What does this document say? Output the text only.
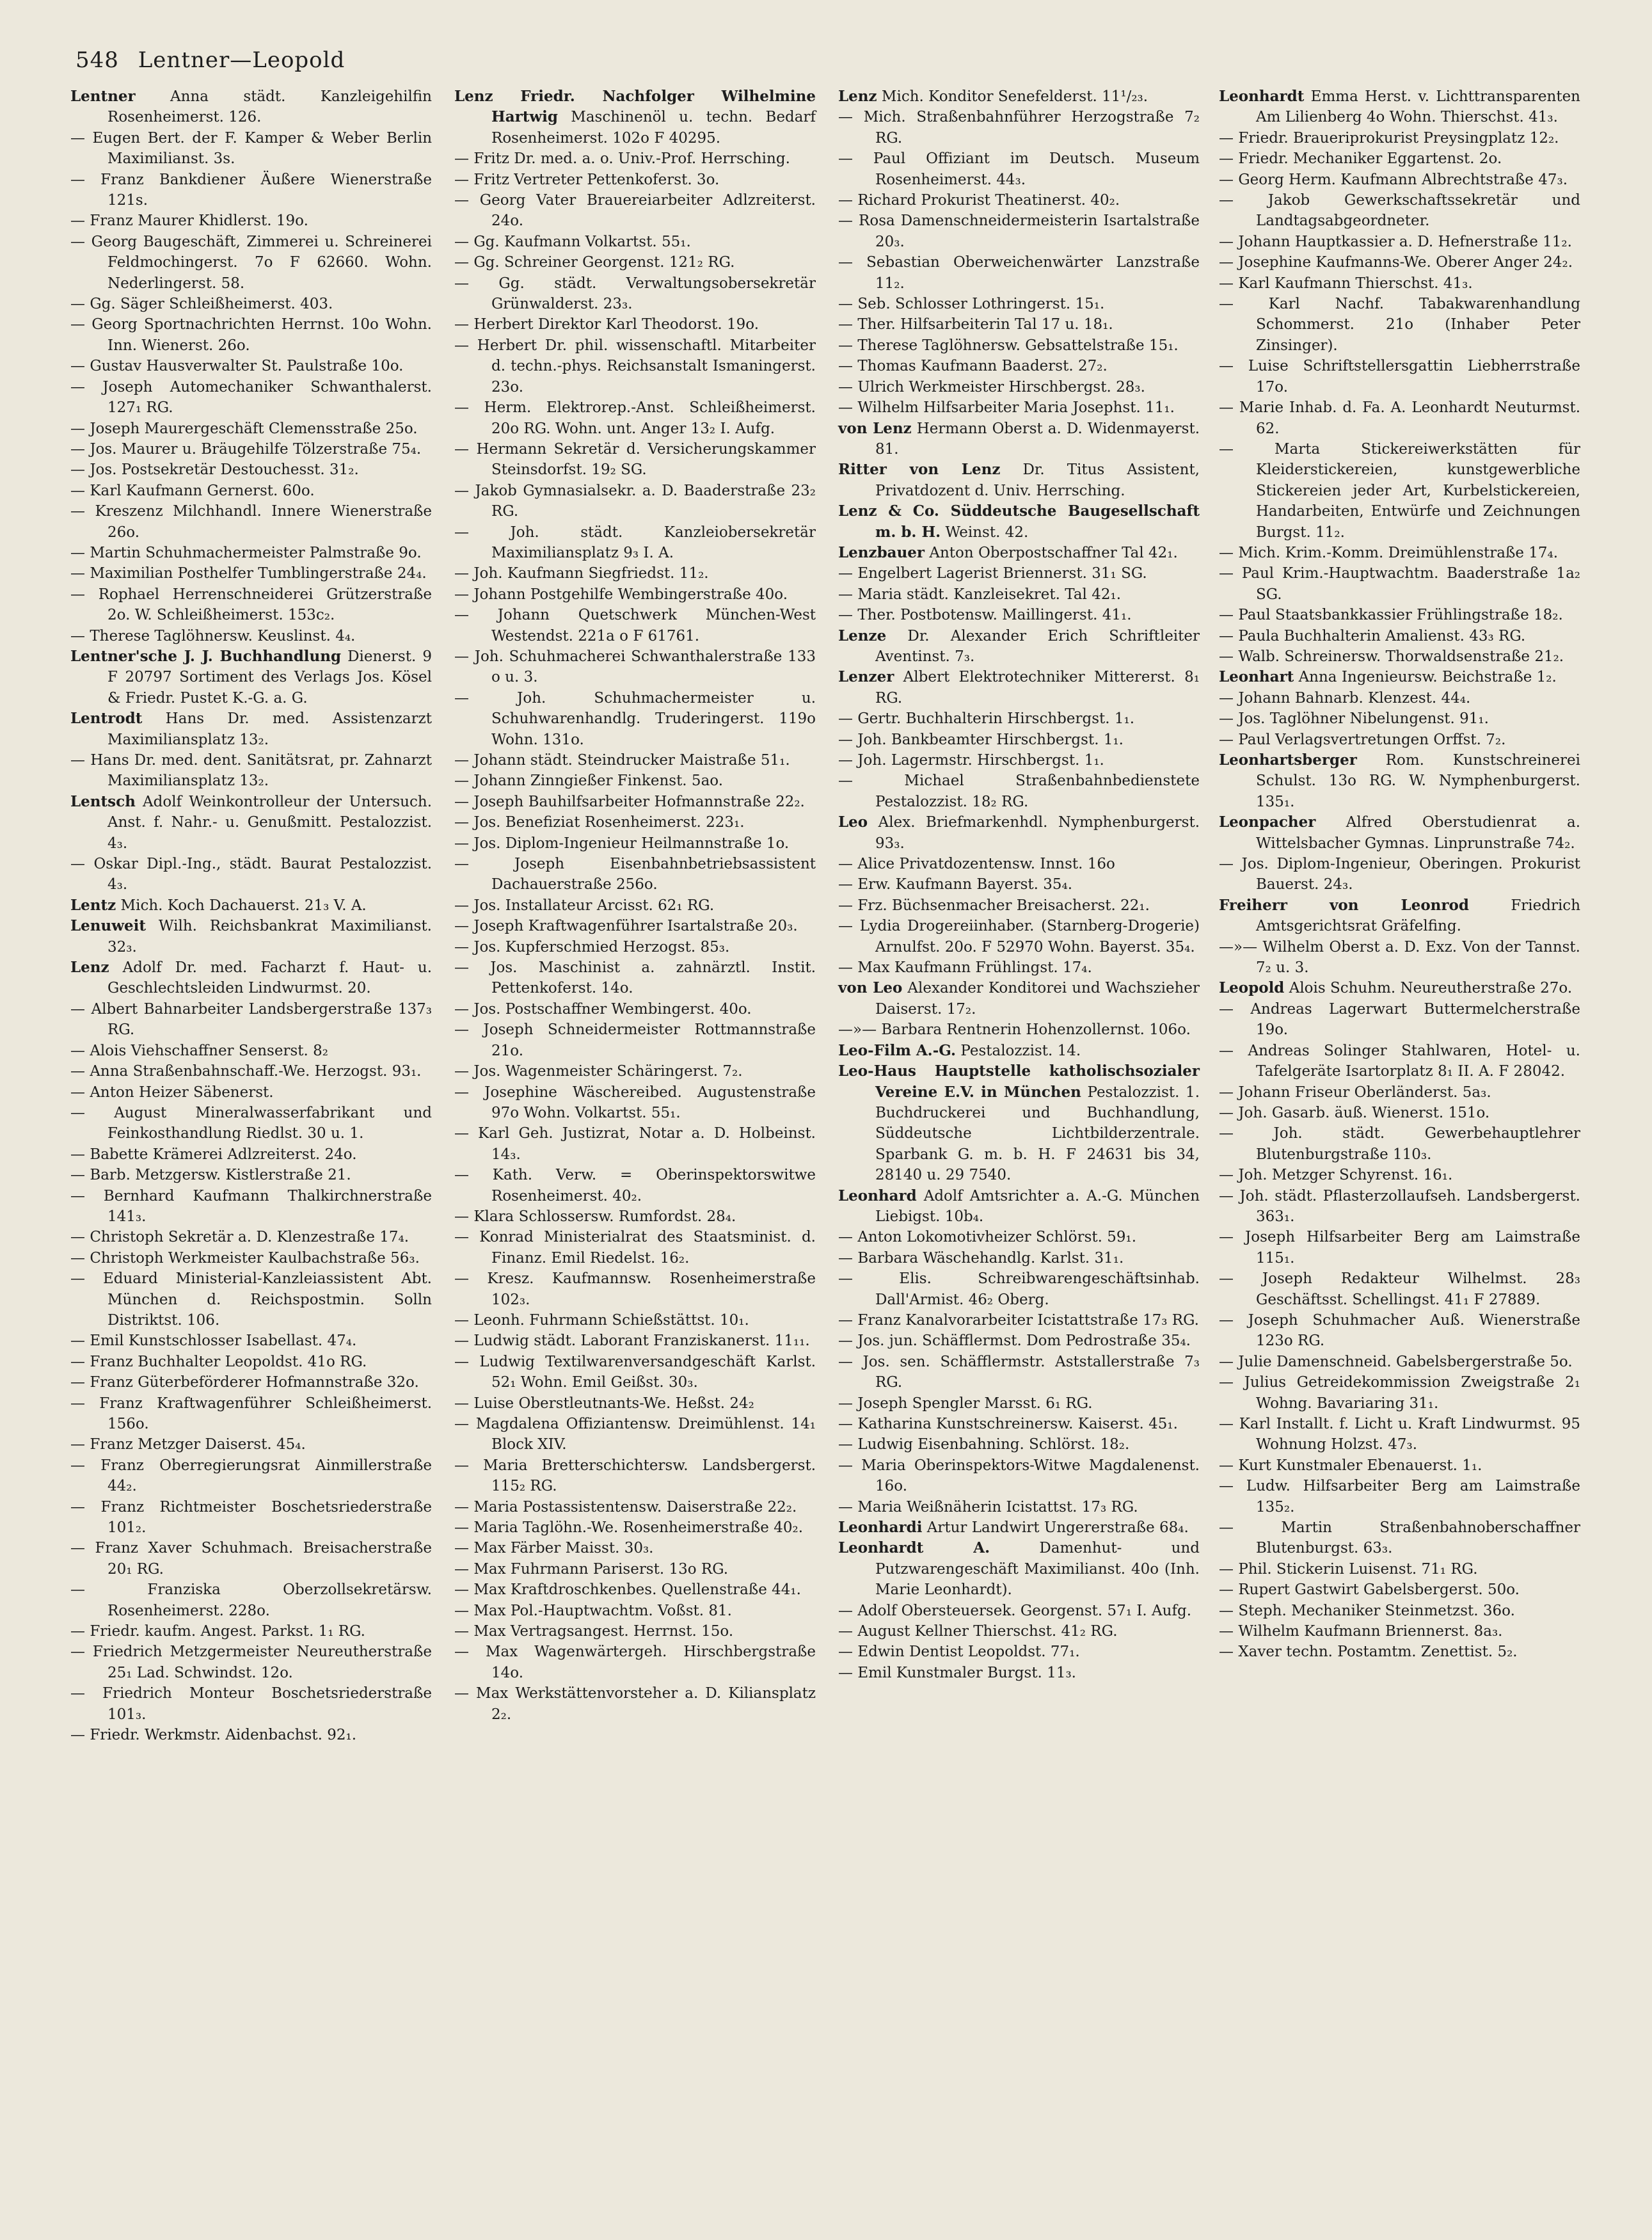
548 Lentner—Leopold

Lentner Anna städt. Kanzleigehilfin Rosenheimerst. 126.

— Eugen Bert. der F. Kamper & Weber Berlin Maximilianst. 3s.

— Franz Bankdiener Äußere Wienerstraße 121s.

— Franz Maurer Khidlerst. 19o.

— Georg Baugeschäft, Zimmerei u. Schreinerei Feldmochingerst. 7o F 62660. Wohn. Nederlingerst. 58.

— Gg. Säger Schleißheimerst. 403.

— Georg Sportnachrichten Herrnst. 10o Wohn. Inn. Wienerst. 26o.

— Gustav Hausverwalter St. Paulstraße 10o.

— Joseph Automechaniker Schwanthalerst. 127₁ RG.

— Joseph Maurergeschäft Clemensstraße 25o.

— Jos. Maurer u. Bräugehilfe Tölzerstraße 75₄.

— Jos. Postsekretär Destouchesst. 31₂.

— Karl Kaufmann Gernerst. 60o.

— Kreszenz Milchhandl. Innere Wienerstraße 26o.

— Martin Schuhmachermeister Palmstraße 9o.

— Maximilian Posthelfer Tumblingerstraße 24₄.

— Rophael Herrenschneiderei Grützerstraße 2o. W. Schleißheimerst. 153c₂.

— Therese Taglöhnersw. Keuslinst. 4₄.

Lentner'sche J. J. Buchhandlung Dienerst. 9 F 20797 Sortiment des Verlags Jos. Kösel & Friedr. Pustet K.-G. a. G.

Lentrodt Hans Dr. med. Assistenzarzt Maximiliansplatz 13₂.

— Hans Dr. med. dent. Sanitätsrat, pr. Zahnarzt Maximiliansplatz 13₂.

Lentsch Adolf Weinkontrolleur der Untersuch. Anst. f. Nahr.- u. Genußmitt. Pestalozzist. 4₃.

— Oskar Dipl.-Ing., städt. Baurat Pestalozzist. 4₃.

Lentz Mich. Koch Dachauerst. 21₃ V. A.

Lenuweit Wilh. Reichsbankrat Maximilianst. 32₃.

Lenz Adolf Dr. med. Facharzt f. Haut- u. Geschlechtsleiden Lindwurmst. 20.

— Albert Bahnarbeiter Landsbergerstraße 137₃ RG.

— Alois Viehschaffner Senserst. 8₂

— Anna Straßenbahnschaff.-We. Herzogst. 93₁.

— Anton Heizer Säbenerst.

— August Mineralwasserfabrikant und Feinkosthandlung Riedlst. 30 u. 1.

— Babette Krämerei Adlzreiterst. 24o.

— Barb. Metzgersw. Kistlerstraße 21.

— Bernhard Kaufmann Thalkirchnerstraße 141₃.

— Christoph Sekretär a. D. Klenzestraße 17₄.

— Christoph Werkmeister Kaulbachstraße 56₃.

— Eduard Ministerial-Kanzleiassistent Abt. München d. Reichspostmin. Solln Distriktst. 106.

— Emil Kunstschlosser Isabellast. 47₄.

— Franz Buchhalter Leopoldst. 41o RG.

— Franz Güterbeförderer Hofmannstraße 32o.

— Franz Kraftwagenführer Schleißheimerst. 156o.

— Franz Metzger Daiserst. 45₄.

— Franz Oberregierungsrat Ainmillerstraße 44₂.

— Franz Richtmeister Boschetsriederstraße 101₂.

— Franz Xaver Schuhmach. Breisacherstraße 20₁ RG.

— Franziska Oberzollsekretärsw. Rosenheimerst. 228o.

— Friedr. kaufm. Angest. Parkst. 1₁ RG.

— Friedrich Metzgermeister Neureutherstraße 25₁ Lad. Schwindst. 12o.

— Friedrich Monteur Boschetsriederstraße 101₃.

— Friedr. Werkmstr. Aidenbachst. 92₁.

Lenz Friedr. Nachfolger Wilhelmine Hartwig Maschinenöl u. techn. Bedarf Rosenheimerst. 102o F 40295.

— Fritz Dr. med. a. o. Univ.-Prof. Herrsching.

— Fritz Vertreter Pettenkoferst. 3o.

— Georg Vater Brauereiarbeiter Adlzreiterst. 24o.

— Gg. Kaufmann Volkartst. 55₁.

— Gg. Schreiner Georgenst. 121₂ RG.

— Gg. städt. Verwaltungsobersekretär Grünwalderst. 23₃.

— Herbert Direktor Karl Theodorst. 19o.

— Herbert Dr. phil. wissenschaftl. Mitarbeiter d. techn.-phys. Reichsanstalt Ismaningerst. 23o.

— Herm. Elektrorep.-Anst. Schleißheimerst. 20o RG. Wohn. unt. Anger 13₂ I. Aufg.

— Hermann Sekretär d. Versicherungskammer Steinsdorfst. 19₂ SG.

— Jakob Gymnasialsekr. a. D. Baaderstraße 23₂ RG.

— Joh. städt. Kanzleiobersekretär Maximiliansplatz 9₃ I. A.

— Joh. Kaufmann Siegfriedst. 11₂.

— Johann Postgehilfe Wembingerstraße 40o.

— Johann Quetschwerk München-West Westendst. 221a o F 61761.

— Joh. Schuhmacherei Schwanthalerstraße 133 o u. 3.

— Joh. Schuhmachermeister u. Schuhwarenhandlg. Truderingerst. 119o Wohn. 131o.

— Johann städt. Steindrucker Maistraße 51₁.

— Johann Zinngießer Finkenst. 5ao.

— Joseph Bauhilfsarbeiter Hofmannstraße 22₂.

— Jos. Benefiziat Rosenheimerst. 223₁.

— Jos. Diplom-Ingenieur Heilmannstraße 1o.

— Joseph Eisenbahnbetriebsassistent Dachauerstraße 256o.

— Jos. Installateur Arcisst. 62₁ RG.

— Joseph Kraftwagenführer Isartalstraße 20₃.

— Jos. Kupferschmied Herzogst. 85₃.

— Jos. Maschinist a. zahnärztl. Instit. Pettenkoferst. 14o.

— Jos. Postschaffner Wembingerst. 40o.

— Joseph Schneidermeister Rottmannstraße 21o.

— Jos. Wagenmeister Schäringerst. 7₂.

— Josephine Wäschereibed. Augustenstraße 97o Wohn. Volkartst. 55₁.

— Karl Geh. Justizrat, Notar a. D. Holbeinst. 14₃.

— Kath. Verw. = Oberinspektorswitwe Rosenheimerst. 40₂.

— Klara Schlossersw. Rumfordst. 28₄.

— Konrad Ministerialrat des Staatsminist. d. Finanz. Emil Riedelst. 16₂.

— Kresz. Kaufmannsw. Rosenheimerstraße 102₃.

— Leonh. Fuhrmann Schießstättst. 10₁.

— Ludwig städt. Laborant Franziskanerst. 11₁₁.

— Ludwig Textilwarenversandgeschäft Karlst. 52₁ Wohn. Emil Geißst. 30₃.

— Luise Oberstleutnants-We. Heßst. 24₂

— Magdalena Offiziantensw. Dreimühlenst. 14₁ Block XIV.

— Maria Bretterschichtersw. Landsbergerst. 115₂ RG.

— Maria Postassistentensw. Daiserstraße 22₂.

— Maria Taglöhn.-We. Rosenheimerstraße 40₂.

— Max Färber Maisst. 30₃.

— Max Fuhrmann Pariserst. 13o RG.

— Max Kraftdroschkenbes. Quellenstraße 44₁.

— Max Pol.-Hauptwachtm. Voßst. 81.

— Max Vertragsangest. Herrnst. 15o.

— Max Wagenwärtergeh. Hirschbergstraße 14o.

— Max Werkstättenvorsteher a. D. Kiliansplatz 2₂.

Lenz Mich. Konditor Senefelderst. 11¹/₂₃.

— Mich. Straßenbahnführer Herzogstraße 7₂ RG.

— Paul Offiziant im Deutsch. Museum Rosenheimerst. 44₃.

— Richard Prokurist Theatinerst. 40₂.

— Rosa Damenschneidermeisterin Isartalstraße 20₃.

— Sebastian Oberweichenwärter Lanzstraße 11₂.

— Seb. Schlosser Lothringerst. 15₁.

— Ther. Hilfsarbeiterin Tal 17 u. 18₁.

— Therese Taglöhnersw. Gebsattelstraße 15₁.

— Thomas Kaufmann Baaderst. 27₂.

— Ulrich Werkmeister Hirschbergst. 28₃.

— Wilhelm Hilfsarbeiter Maria Josephst. 11₁.

von Lenz Hermann Oberst a. D. Widenmayerst. 81.

Ritter von Lenz Dr. Titus Assistent, Privatdozent d. Univ. Herrsching.

Lenz & Co. Süddeutsche Baugesellschaft m. b. H. Weinst. 42.

Lenzbauer Anton Oberpostschaffner Tal 42₁.

— Engelbert Lagerist Briennerst. 31₁ SG.

— Maria städt. Kanzleisekret. Tal 42₁.

— Ther. Postbotensw. Maillingerst. 41₁.

Lenze Dr. Alexander Erich Schriftleiter Aventinst. 7₃.

Lenzer Albert Elektrotechniker Mittererst. 8₁ RG.

— Gertr. Buchhalterin Hirschbergst. 1₁.

— Joh. Bankbeamter Hirschbergst. 1₁.

— Joh. Lagermstr. Hirschbergst. 1₁.

— Michael Straßenbahnbedienstete Pestalozzist. 18₂ RG.

Leo Alex. Briefmarkenhdl. Nymphenburgerst. 93₃.

— Alice Privatdozentensw. Innst. 16o

— Erw. Kaufmann Bayerst. 35₄.

— Frz. Büchsenmacher Breisacherst. 22₁.

— Lydia Drogereiinhaber. (Starnberg-Drogerie) Arnulfst. 20o. F 52970 Wohn. Bayerst. 35₄.

— Max Kaufmann Frühlingst. 17₄.

von Leo Alexander Konditorei und Wachszieher Daiserst. 17₂.

—»— Barbara Rentnerin Hohenzollernst. 106o.

Leo-Film A.-G. Pestalozzist. 14.

Leo-Haus Hauptstelle katholischsozialer Vereine E.V. in München Pestalozzist. 1. Buchdruckerei und Buchhandlung, Süddeutsche Lichtbilderzentrale. Sparbank G. m. b. H. F 24631 bis 34, 28140 u. 29 7540.

Leonhard Adolf Amtsrichter a. A.-G. München Liebigst. 10b₄.

— Anton Lokomotivheizer Schlörst. 59₁.

— Barbara Wäschehandlg. Karlst. 31₁.

— Elis. Schreibwarengeschäftsinhab. Dall'Armist. 46₂ Oberg.

— Franz Kanalvorarbeiter Icistattstraße 17₃ RG.

— Jos. jun. Schäfflermst. Dom Pedrostraße 35₄.

— Jos. sen. Schäfflermstr. Aststallerstraße 7₃ RG.

— Joseph Spengler Marsst. 6₁ RG.

— Katharina Kunstschreinersw. Kaiserst. 45₁.

— Ludwig Eisenbahning. Schlörst. 18₂.

— Maria Oberinspektors-Witwe Magdalenenst. 16o.

— Maria Weißnäherin Icistattst. 17₃ RG.

Leonhardi Artur Landwirt Ungererstraße 68₄.

Leonhardt A.	Damenhut- und Putzwarengeschäft Maximilianst. 40o (Inh. Marie Leonhardt).

— Adolf Obersteuersek. Georgenst. 57₁ I. Aufg.

— August Kellner Thierschst. 41₂ RG.

— Edwin Dentist Leopoldst. 77₁.

— Emil Kunstmaler Burgst. 11₃.

Leonhardt Emma Herst. v. Lichttransparenten Am Lilienberg 4o Wohn. Thierschst. 41₃.

— Friedr. Braueriprokurist Preysingplatz 12₂.

— Friedr. Mechaniker Eggartenst. 2o.

— Georg Herm. Kaufmann Albrechtstraße 47₃.

— Jakob Gewerkschaftssekretär und Landtagsabgeordneter.

— Johann Hauptkassier a. D. Hefnerstraße 11₂.

— Josephine Kaufmanns-We. Oberer Anger 24₂.

— Karl Kaufmann Thierschst. 41₃.

— Karl Nachf. Tabakwarenhandlung Schommerst. 21o (Inhaber Peter Zinsinger).

— Luise Schriftstellersgattin Liebherrstraße 17o.

— Marie Inhab. d. Fa. A. Leonhardt Neuturmst. 62.

— Marta Stickereiwerkstätten für Kleiderstickereien, kunstgewerbliche Stickereien jeder Art, Kurbelstickereien, Handarbeiten, Entwürfe und Zeichnungen Burgst. 11₂.

— Mich. Krim.-Komm. Dreimühlenstraße 17₄.

— Paul Krim.-Hauptwachtm. Baaderstraße 1a₂ SG.

— Paul Staatsbankkassier Frühlingstraße 18₂.

— Paula Buchhalterin Amalienst. 43₃ RG.

— Walb. Schreinersw. Thorwaldsenstraße 21₂.

Leonhart Anna Ingenieursw. Beichstraße 1₂.

— Johann Bahnarb. Klenzest. 44₄.

— Jos. Taglöhner Nibelungenst. 91₁.

— Paul Verlagsvertretungen Orffst. 7₂.

Leonhartsberger Rom. Kunstschreinerei Schulst. 13o RG. W. Nymphenburgerst. 135₁.

Leonpacher Alfred Oberstudienrat a. Wittelsbacher Gymnas. Linprunstraße 74₂.

— Jos. Diplom-Ingenieur, Oberingen. Prokurist Bauerst. 24₃.

Freiherr von Leonrod	Friedrich Amtsgerichtsrat Gräfelfing.

—»— Wilhelm Oberst a. D. Exz. Von der Tannst. 7₂ u. 3.

Leopold Alois Schuhm. Neureutherstraße 27o.

— Andreas Lagerwart Buttermelcherstraße 19o.

— Andreas Solinger Stahlwaren, Hotel- u. Tafelgeräte Isartorplatz 8₁ II. A. F 28042.

— Johann Friseur Oberländerst. 5a₃.

— Joh. Gasarb. äuß. Wienerst. 151o.

— Joh. städt. Gewerbehauptlehrer Blutenburgstraße 110₃.

— Joh. Metzger Schyrenst. 16₁.

— Joh. städt. Pflasterzollaufseh. Landsbergerst. 363₁.

— Joseph Hilfsarbeiter Berg am Laimstraße 115₁.

— Joseph Redakteur Wilhelmst. 28₃ Geschäftsst. Schellingst. 41₁ F 27889.

— Joseph Schuhmacher Auß. Wienerstraße 123o RG.

— Julie Damenschneid. Gabelsbergerstraße 5o.

— Julius Getreidekommission Zweigstraße 2₁ Wohng. Bavariaring 31₁.

— Karl Installt. f. Licht u. Kraft Lindwurmst. 95 Wohnung Holzst. 47₃.

— Kurt Kunstmaler Ebenauerst. 1₁.

— Ludw. Hilfsarbeiter Berg am Laimstraße 135₂.

— Martin Straßenbahnoberschaffner Blutenburgst. 63₃.

— Phil. Stickerin Luisenst. 71₁ RG.

— Rupert Gastwirt Gabelsbergerst. 50o.

— Steph. Mechaniker Steinmetzst. 36o.

— Wilhelm Kaufmann Briennerst. 8a₃.

— Xaver techn. Postamtm. Zenettist. 5₂.
